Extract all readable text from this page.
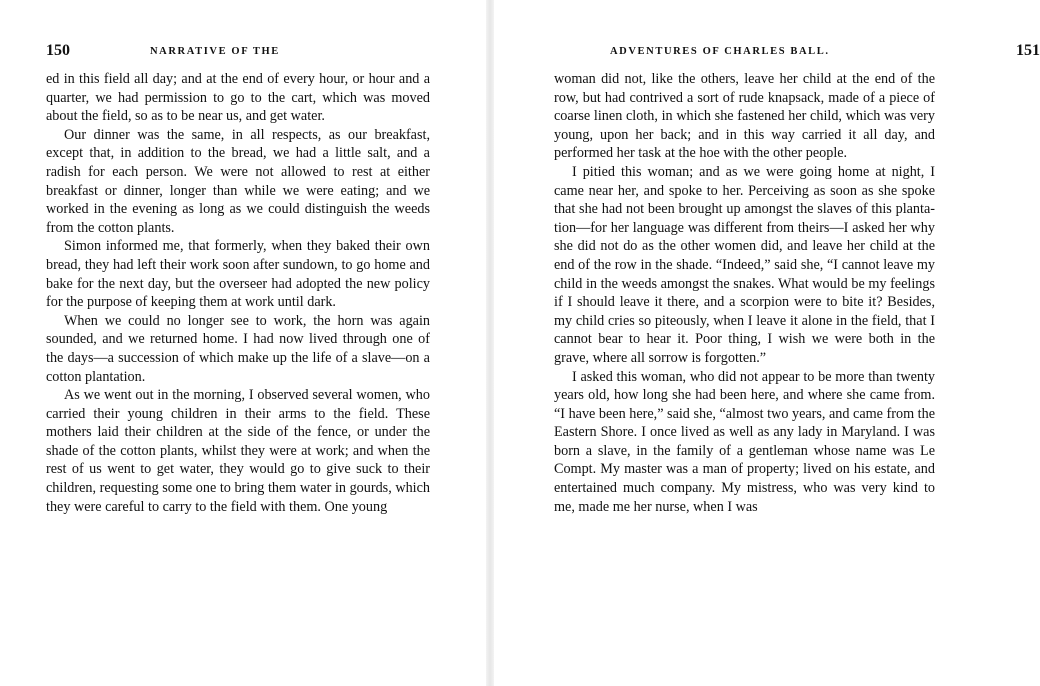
150	NARRATIVE OF THE

ed in this field all day; and at the end of every hour, or hour and a quarter, we had permission to go to the cart, which was moved about the field, so as to be near us, and get water.

Our dinner was the same, in all respects, as our breakfast, except that, in addition to the bread, we had a little salt, and a radish for each person. We were not allowed to rest at either breakfast or dinner, longer than while we were eating; and we worked in the evening as long as we could distinguish the weeds from the cotton plants.

Simon informed me, that formerly, when they baked their own bread, they had left their work soon after sundown, to go home and bake for the next day, but the overseer had adopted the new policy for the purpose of keeping them at work until dark.

When we could no longer see to work, the horn was again sounded, and we returned home. I had now lived through one of the days—a succession of which make up the life of a slave—on a cotton plantation.

As we went out in the morning, I observed several women, who carried their young children in their arms to the field. These mothers laid their children at the side of the fence, or under the shade of the cotton plants, whilst they were at work; and when the rest of us went to get water, they would go to give suck to their children, requesting some one to bring them water in gourds, which they were careful to carry to the field with them. One young

ADVENTURES OF CHARLES BALL.	151

woman did not, like the others, leave her child at the end of the row, but had contrived a sort of rude knapsack, made of a piece of coarse linen cloth, in which she fastened her child, which was very young, upon her back; and in this way carried it all day, and performed her task at the hoe with the other people.

I pitied this woman; and as we were going home at night, I came near her, and spoke to her. Perceiving as soon as she spoke that she had not been brought up amongst the slaves of this plantation—for her language was different from theirs—I asked her why she did not do as the other women did, and leave her child at the end of the row in the shade. “Indeed,” said she, “I cannot leave my child in the weeds amongst the snakes. What would be my feelings if I should leave it there, and a scorpion were to bite it? Besides, my child cries so piteously, when I leave it alone in the field, that I cannot bear to hear it. Poor thing, I wish we were both in the grave, where all sorrow is forgotten.”

I asked this woman, who did not appear to be more than twenty years old, how long she had been here, and where she came from. “I have been here,” said she, “almost two years, and came from the Eastern Shore. I once lived as well as any lady in Maryland. I was born a slave, in the family of a gentleman whose name was Le Compt. My master was a man of property; lived on his estate, and entertained much company. My mistress, who was very kind to me, made me her nurse, when I was
